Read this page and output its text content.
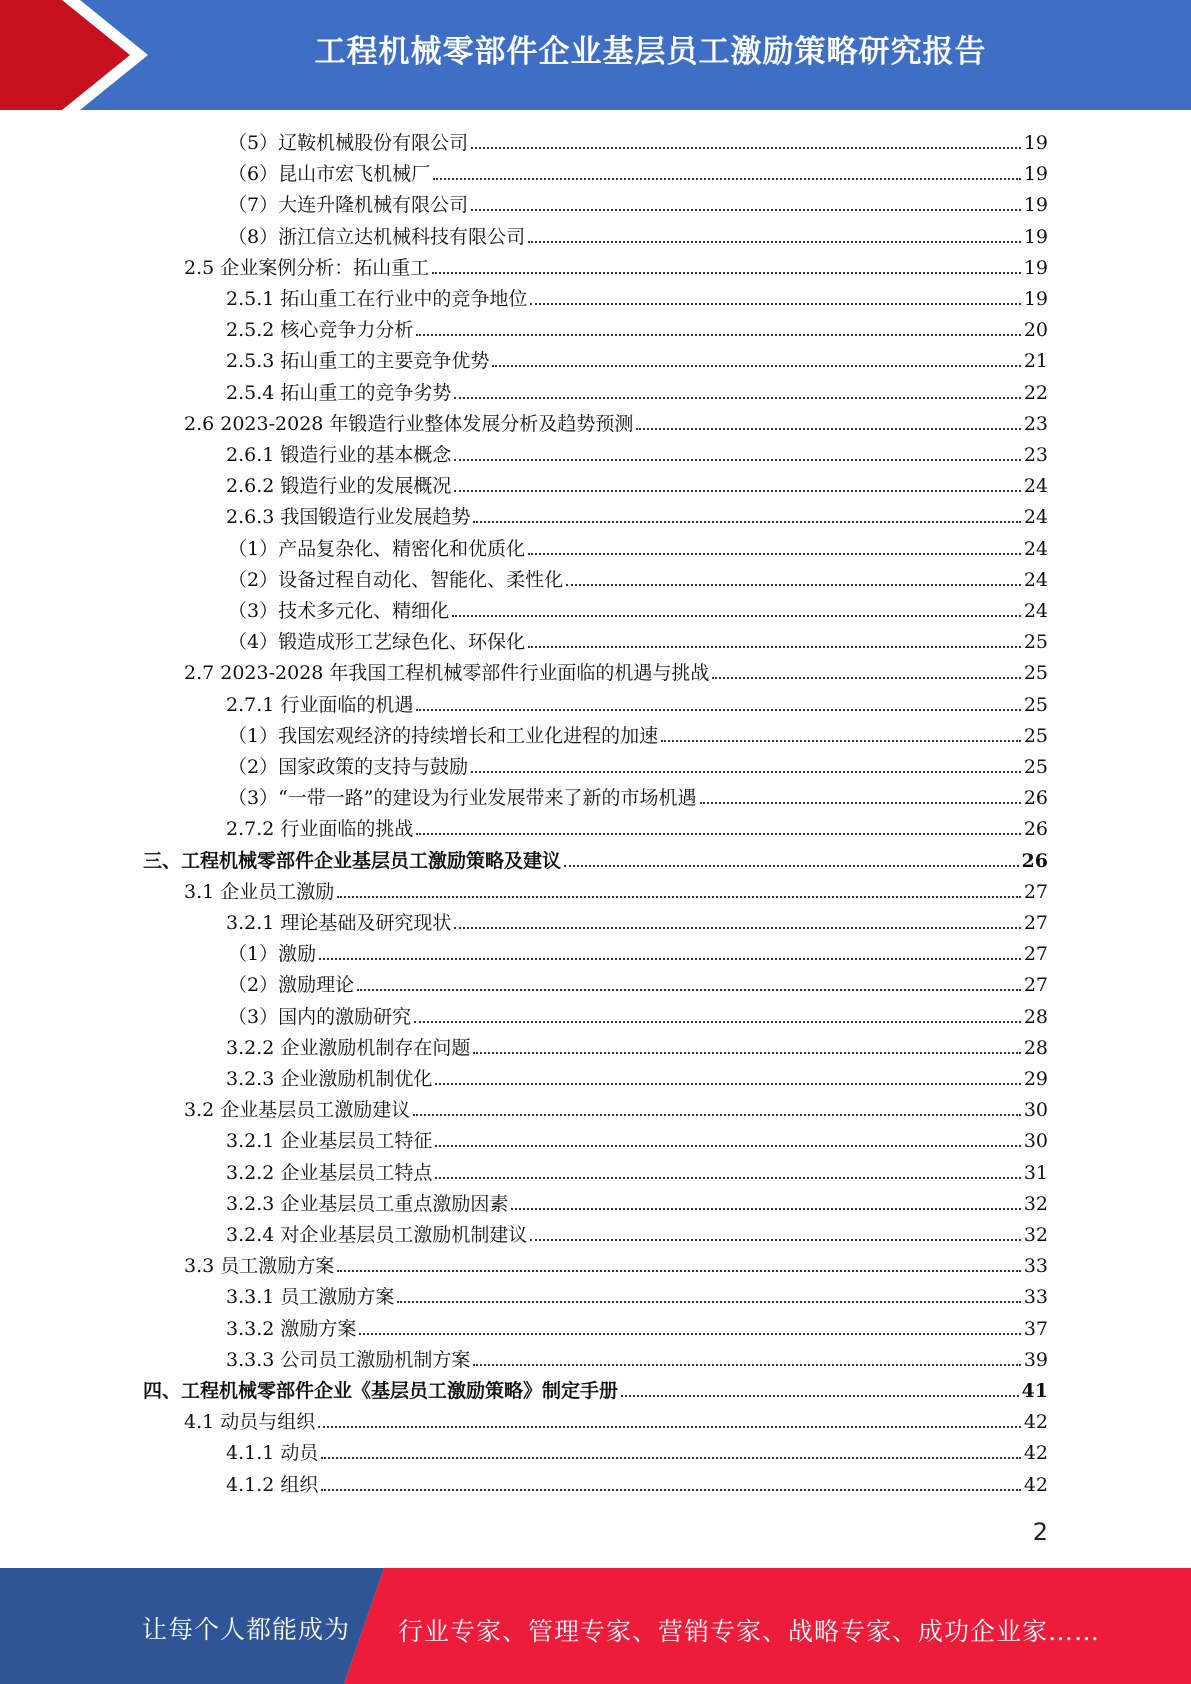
工程机械零部件企业基层员工激励策略研究报告
（5）辽鞍机械股份有限公司	19
（6）昆山市宏飞机械厂	19
（7）大连升隆机械有限公司	19
（8）浙江信立达机械科技有限公司	19
2.5 企业案例分析：拓山重工	19
2.5.1 拓山重工在行业中的竞争地位	19
2.5.2 核心竞争力分析	20
2.5.3 拓山重工的主要竞争优势	21
2.5.4 拓山重工的竞争劣势	22
2.6 2023-2028 年锻造行业整体发展分析及趋势预测	23
2.6.1 锻造行业的基本概念	23
2.6.2 锻造行业的发展概况	24
2.6.3 我国锻造行业发展趋势	24
（1）产品复杂化、精密化和优质化	24
（2）设备过程自动化、智能化、柔性化	24
（3）技术多元化、精细化	24
（4）锻造成形工艺绿色化、环保化	25
2.7 2023-2028 年我国工程机械零部件行业面临的机遇与挑战	25
2.7.1 行业面临的机遇	25
（1）我国宏观经济的持续增长和工业化进程的加速	25
（2）国家政策的支持与鼓励	25
（3）“一带一路”的建设为行业发展带来了新的市场机遇	26
2.7.2 行业面临的挑战	26
三、工程机械零部件企业基层员工激励策略及建议	26
3.1 企业员工激励	27
3.2.1 理论基础及研究现状	27
（1）激励	27
（2）激励理论	27
（3）国内的激励研究	28
3.2.2 企业激励机制存在问题	28
3.2.3 企业激励机制优化	29
3.2 企业基层员工激励建议	30
3.2.1 企业基层员工特征	30
3.2.2 企业基层员工特点	31
3.2.3 企业基层员工重点激励因素	32
3.2.4 对企业基层员工激励机制建议	32
3.3 员工激励方案	33
3.3.1 员工激励方案	33
3.3.2 激励方案	37
3.3.3 公司员工激励机制方案	39
四、工程机械零部件企业《基层员工激励策略》制定手册	41
4.1 动员与组织	42
4.1.1 动员	42
4.1.2 组织	42
2
让每个人都能成为 行业专家、管理专家、营销专家、战略专家、成功企业家……
